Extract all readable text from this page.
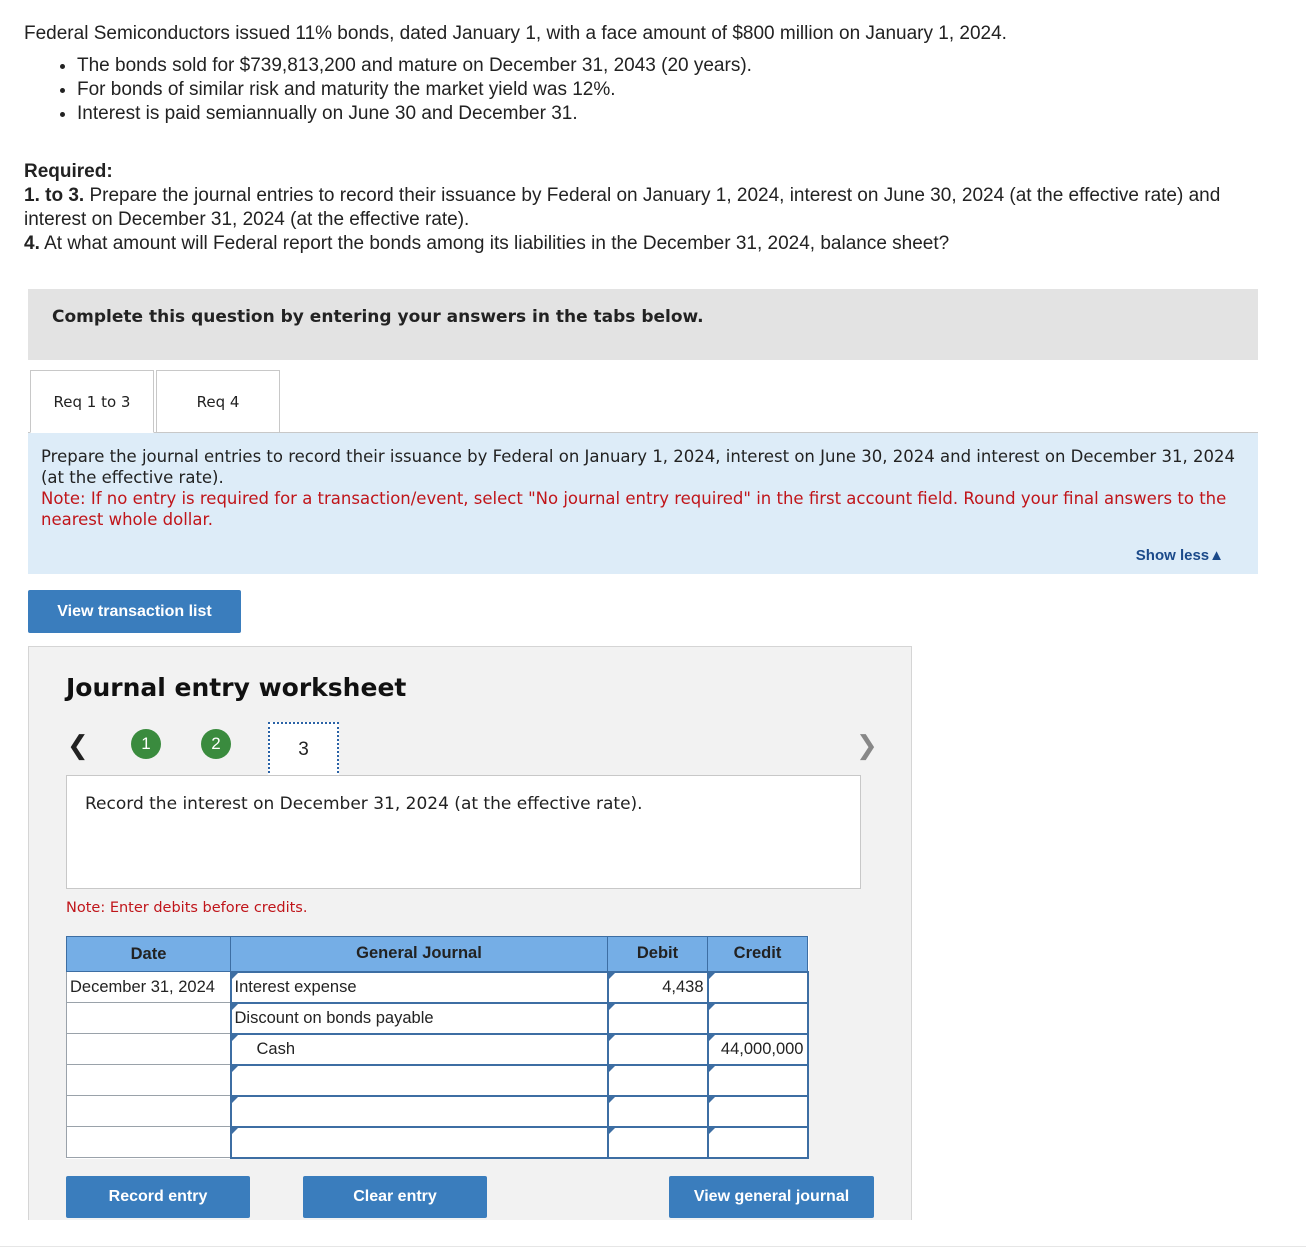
Federal Semiconductors issued 11% bonds, dated January 1, with a face amount of $800 million on January 1, 2024.

• The bonds sold for $739,813,200 and mature on December 31, 2043 (20 years).
• For bonds of similar risk and maturity the market yield was 12%.
• Interest is paid semiannually on June 30 and December 31.

Required:

1. to 3. Prepare the journal entries to record their issuance by Federal on January 1, 2024, interest on June 30, 2024 (at the effective rate) and interest on December 31, 2024 (at the effective rate).

4. At what amount will Federal report the bonds among its liabilities in the December 31, 2024, balance sheet?

Complete this question by entering your answers in the tabs below.
Req 1 to 3	Req 4
Prepare the journal entries to record their issuance by Federal on January 1, 2024, interest on June 30, 2024 and interest on December 31, 2024 (at the effective rate).
Note: If no entry is required for a transaction/event, select "No journal entry required" in the first account field. Round your final answers to the nearest whole dollar.
Show less▲
View transaction list
Journal entry worksheet
❮	1	2	3	❯
Record the interest on December 31, 2024 (at the effective rate).
Note: Enter debits before credits.
Date	General Journal	Debit	Credit
December 31, 2024	Interest expense	4,438	
	Discount on bonds payable		
	Cash		44,000,000

Record entry	Clear entry	View general journal
